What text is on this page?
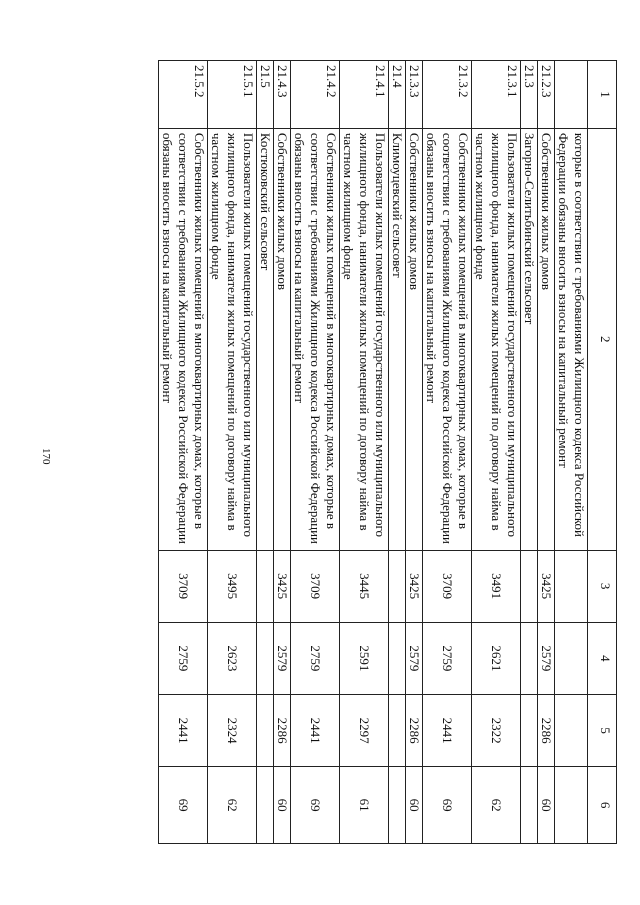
170
1	2	3	4	5	6
	которые в соответствии с требованиями Жилищного кодекса Российской Федерации обязаны вносить взносы на капитальный ремонт				
21.2.3	Собственники жилых домов	3425	2579	2286	60
21.3	Загорно-Селитьбинский сельсовет				
21.3.1	Пользователи жилых помещений государственного или муниципального жилищного фонда, наниматели жилых помещений по договору найма в частном жилищном фонде	3491	2621	2322	62
21.3.2	Собственники жилых помещений в многоквартирных домах, которые в соответствии с требованиями Жилищного кодекса Российской Федерации обязаны вносить взносы на капитальный ремонт	3709	2759	2441	69
21.3.3	Собственники жилых домов	3425	2579	2286	60
21.4	Климоуцевский сельсовет				
21.4.1	Пользователи жилых помещений государственного или муниципального жилищного фонда, наниматели жилых помещений по договору найма в частном жилищном фонде	3445	2591	2297	61
21.4.2	Собственники жилых помещений в многоквартирных домах, которые в соответствии с требованиями Жилищного кодекса Российской Федерации обязаны вносить взносы на капитальный ремонт	3709	2759	2441	69
21.4.3	Собственники жилых домов	3425	2579	2286	60
21.5	Костюковский сельсовет				
21.5.1	Пользователи жилых помещений государственного или муниципального жилищного фонда, наниматели жилых помещений по договору найма в частном жилищном фонде	3495	2623	2324	62
21.5.2	Собственники жилых помещений в многоквартирных домах, которые в соответствии с требованиями Жилищного кодекса Российской Федерации обязаны вносить взносы на капитальный ремонт	3709	2759	2441	69
